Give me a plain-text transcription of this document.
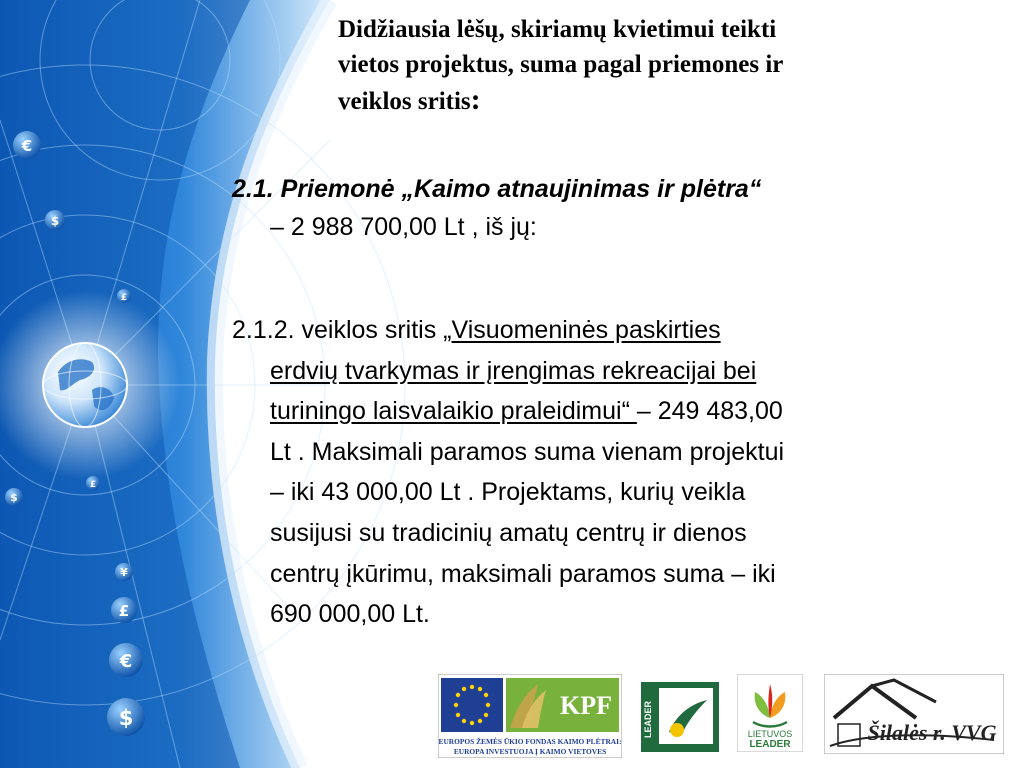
€
$
£
$
£
¥
£
€
$
Didžiausia lėšų, skiriamų kvietimui teikti
vietos projektus, suma pagal priemones ir
veiklos sritis:
2.1. Priemonė „Kaimo atnaujinimas ir plėtra“
– 2 988 700,00 Lt , iš jų:
2.1.2. veiklos sritis „Visuomeninės paskirties
erdvių tvarkymas ir įrengimas rekreacijai bei
turiningo laisvalaikio praleidimui“ – 249 483,00
Lt . Maksimali paramos suma vienam projektui
– iki 43 000,00 Lt . Projektams, kurių veikla
susijusi su tradicinių amatų centrų ir dienos
centrų įkūrimu, maksimali paramos suma – iki
690 000,00 Lt.
KPF
EUROPOS ŽEMĖS ŪKIO FONDAS KAIMO PLĖTRAI:
EUROPA INVESTUOJA Į KAIMO VIETOVES
LEADER	LIETUVOS
LEADER	Šilalės r. VVG
